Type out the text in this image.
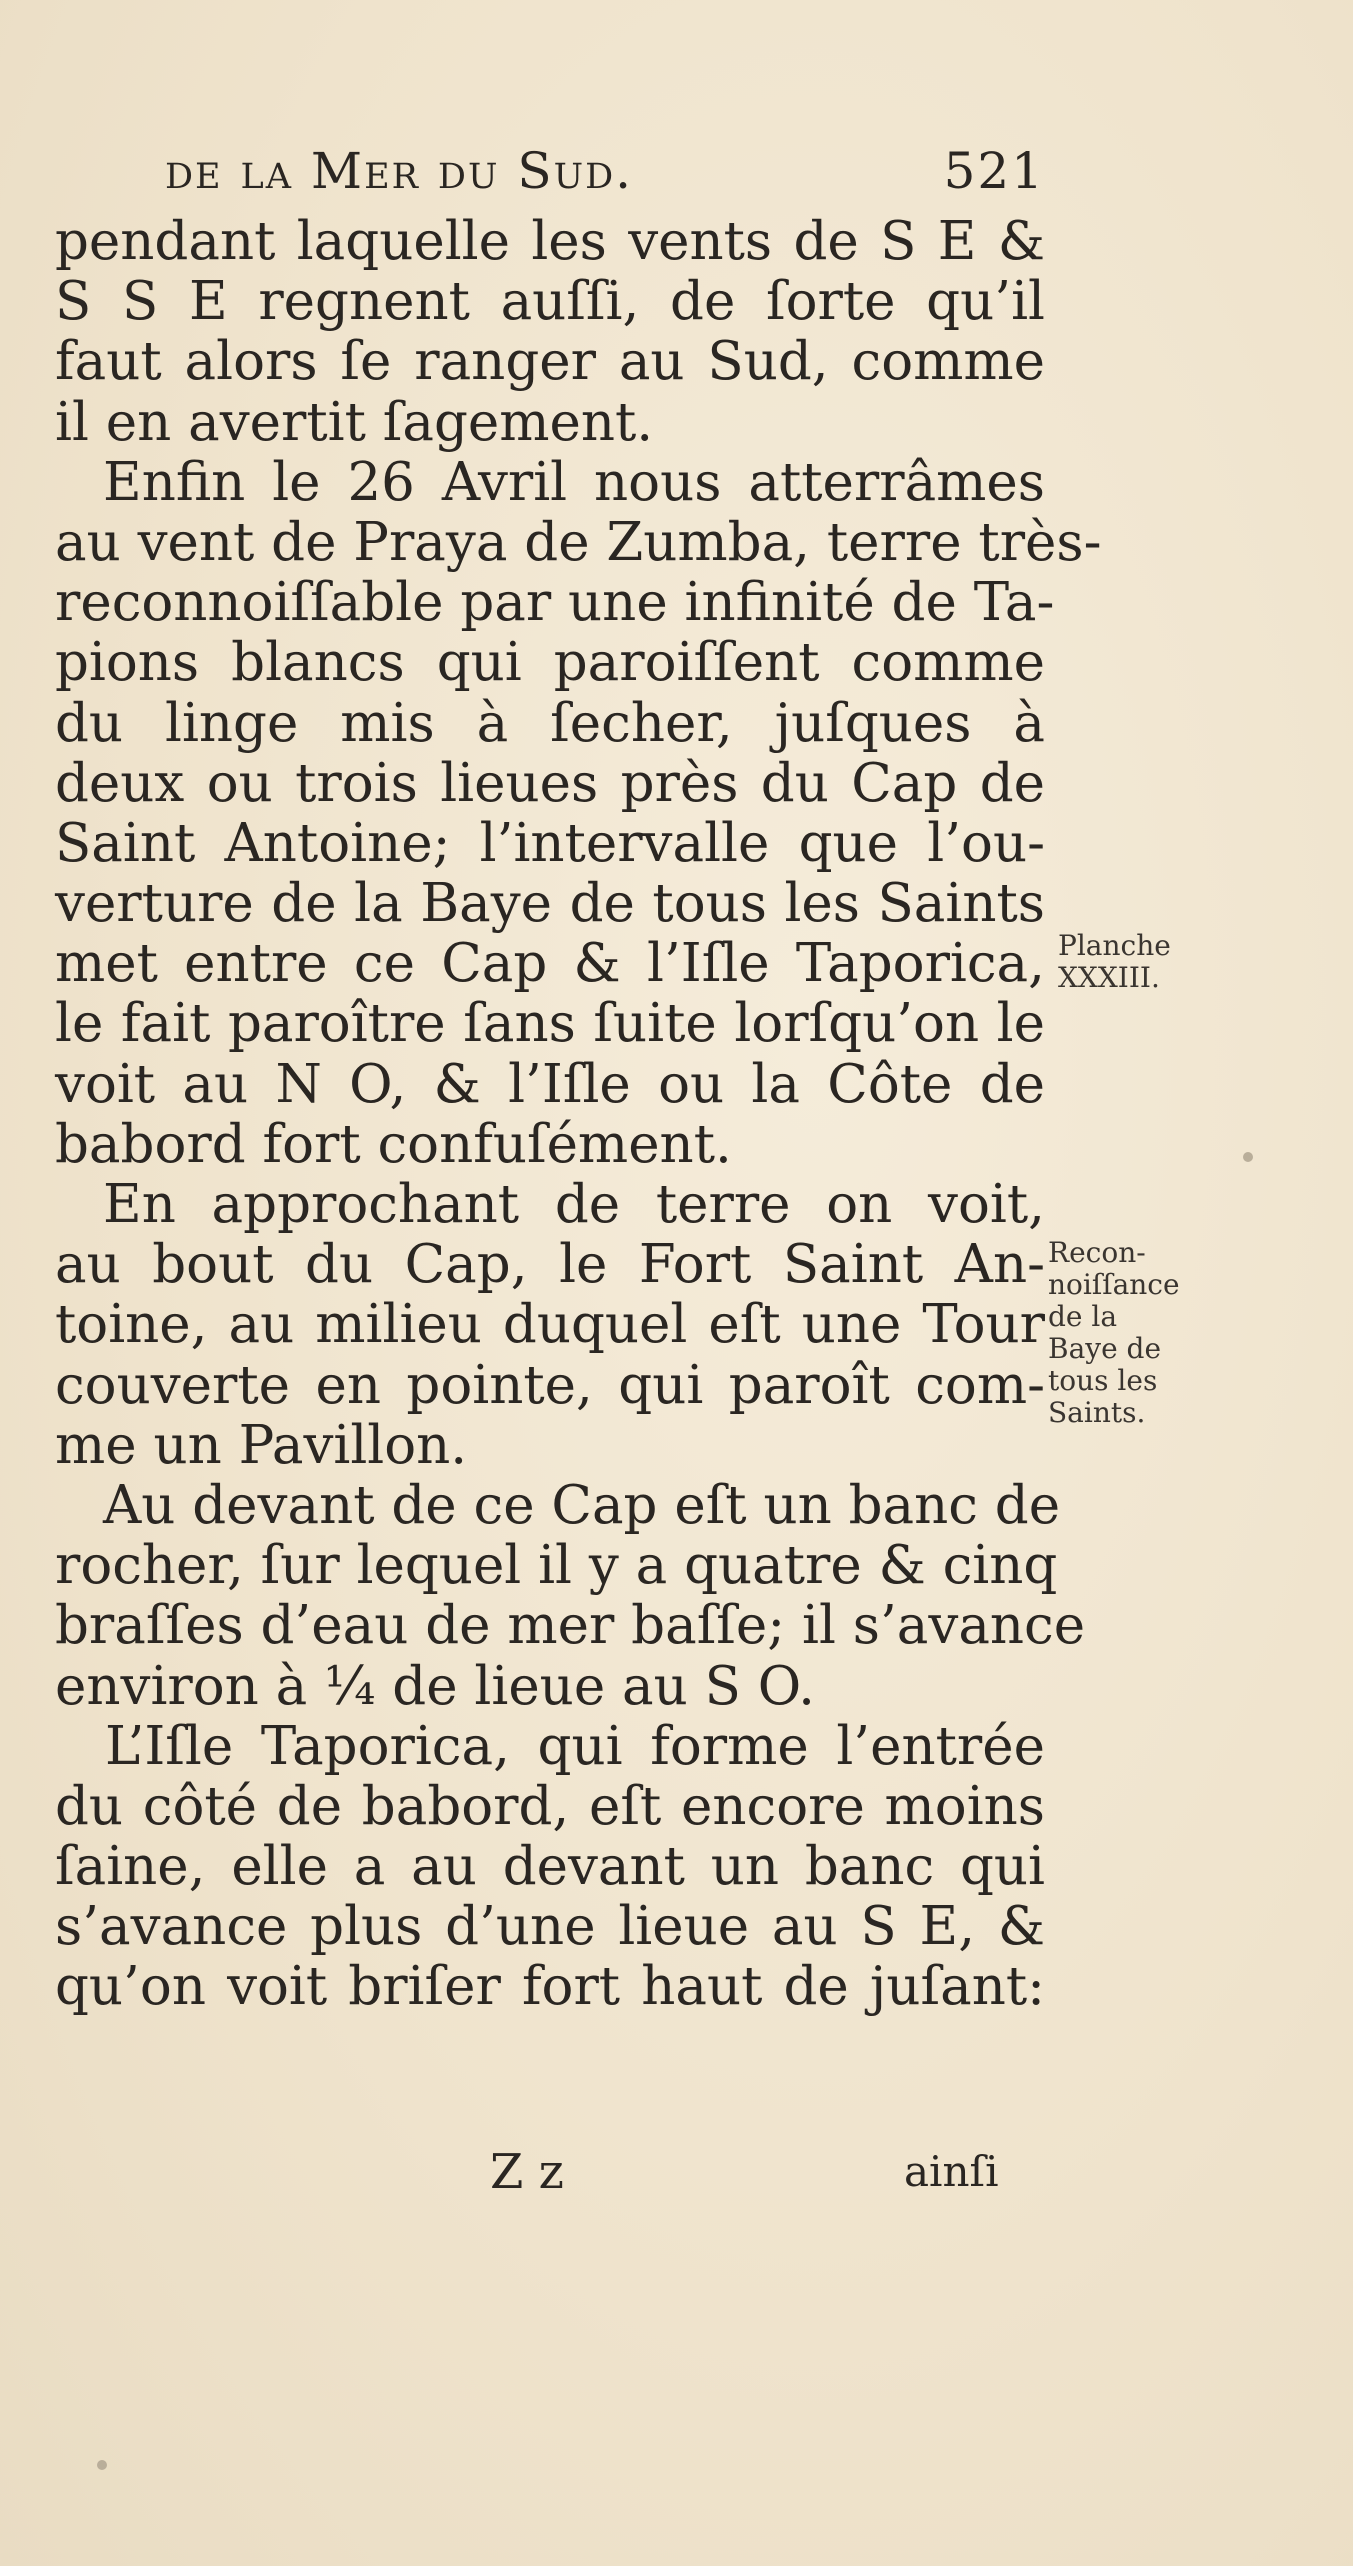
de la Mer du Sud.	521
pendant laquelle les vents de S E &
S S E regnent auſſi, de ſorte qu’il
faut alors ſe ranger au Sud, comme
il en avertit ſagement.
Enfin le 26 Avril nous atterrâmes
au vent de Praya de Zumba, terre très-
reconnoiſſable par une infinité de Ta-
pions blancs qui paroiſſent comme
du linge mis à ſecher, juſques à
deux ou trois lieues près du Cap de
Saint Antoine; l’intervalle que l’ou-
verture de la Baye de tous les Saints
met entre ce Cap & l’Iſle Taporica,
le fait paroître ſans ſuite lorſqu’on le
voit au N O, & l’Iſle ou la Côte de
babord fort confuſément.
En approchant de terre on voit,
au bout du Cap, le Fort Saint An-
toine, au milieu duquel eſt une Tour
couverte en pointe, qui paroît com-
me un Pavillon.
Au devant de ce Cap eſt un banc de
rocher, ſur lequel il y a quatre & cinq
braſſes d’eau de mer baſſe; il s’avance
environ à ¼ de lieue au S O.
L’Iſle Taporica, qui forme l’entrée
du côté de babord, eſt encore moins
ſaine, elle a au devant un banc qui
s’avance plus d’une lieue au S E, &
qu’on voit briſer fort haut de juſant:
Planche
XXXIII.
Recon-
noiſſance
de la
Baye de
tous les
Saints.
Z z	ainſi
